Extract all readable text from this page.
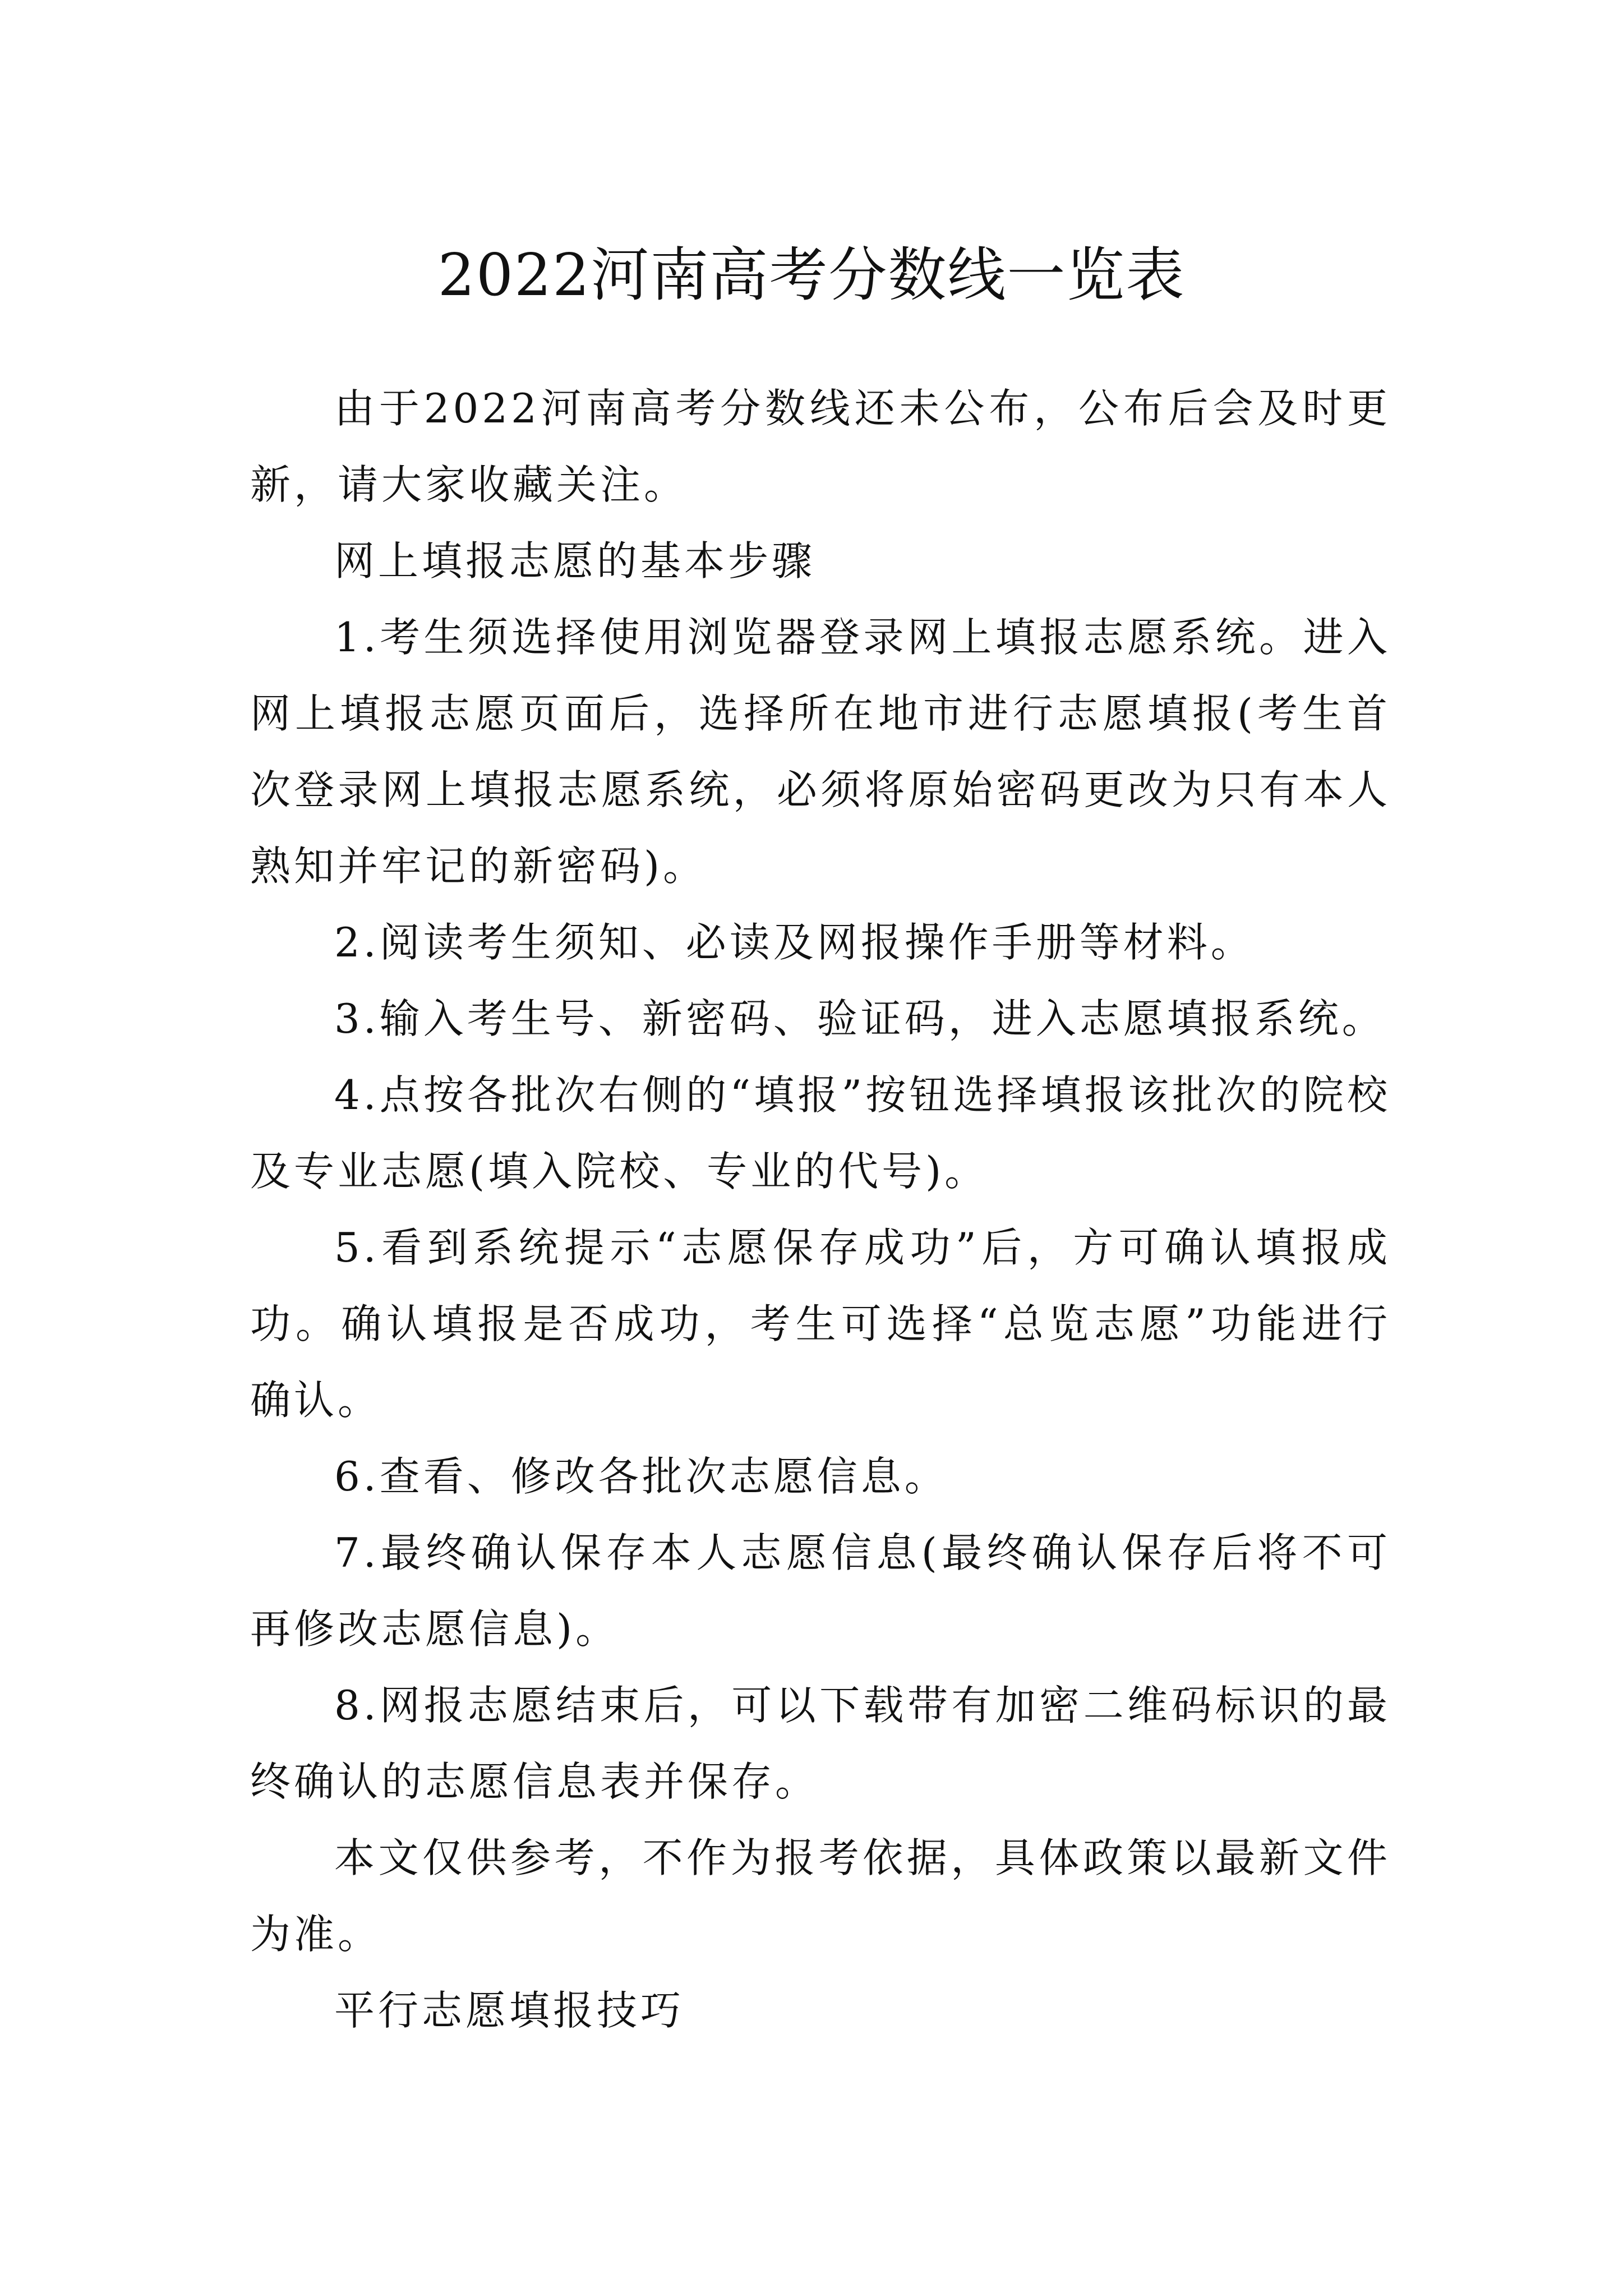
2022河南高考分数线一览表

由于2022河南高考分数线还未公布，公布后会及时更新，请大家收藏关注。

网上填报志愿的基本步骤

1.考生须选择使用浏览器登录网上填报志愿系统。进入网上填报志愿页面后，选择所在地市进行志愿填报(考生首次登录网上填报志愿系统，必须将原始密码更改为只有本人熟知并牢记的新密码)。

2.阅读考生须知、必读及网报操作手册等材料。

3.输入考生号、新密码、验证码，进入志愿填报系统。

4.点按各批次右侧的“填报”按钮选择填报该批次的院校及专业志愿(填入院校、专业的代号)。

5.看到系统提示“志愿保存成功”后，方可确认填报成功。确认填报是否成功，考生可选择“总览志愿”功能进行确认。

6.查看、修改各批次志愿信息。

7.最终确认保存本人志愿信息(最终确认保存后将不可再修改志愿信息)。

8.网报志愿结束后，可以下载带有加密二维码标识的最终确认的志愿信息表并保存。

本文仅供参考，不作为报考依据，具体政策以最新文件为准。

平行志愿填报技巧
